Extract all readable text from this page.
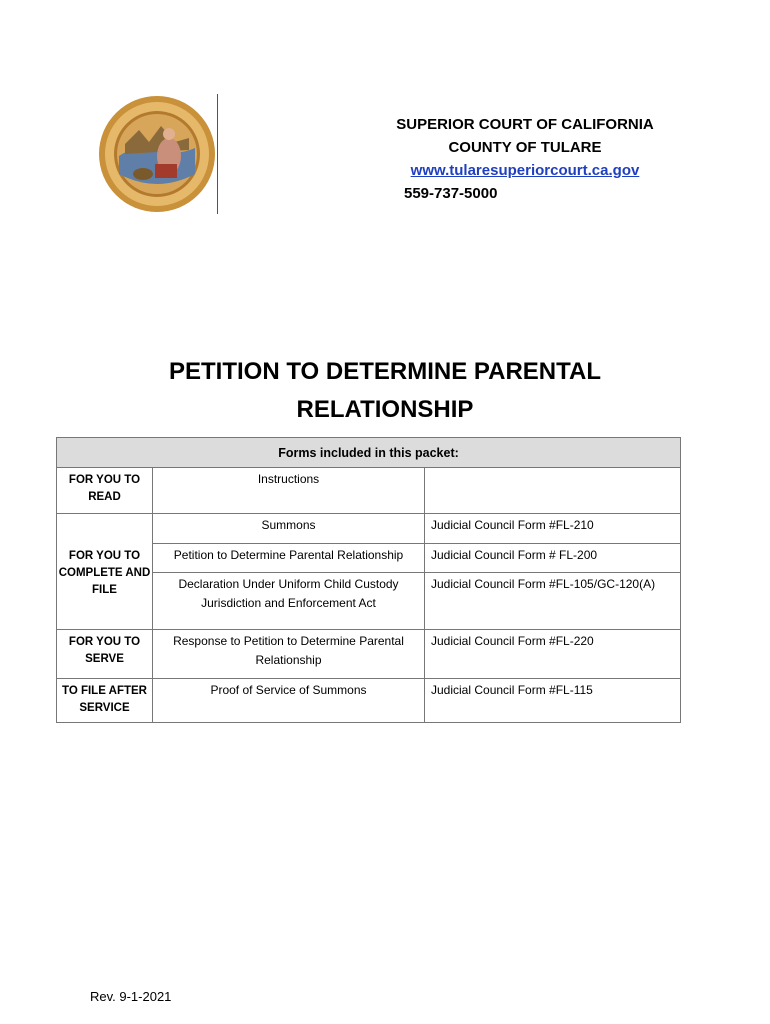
SUPERIOR COURT OF CALIFORNIA
COUNTY OF TULARE
www.tularesuperiorcourt.ca.gov
559-737-5000
PETITION TO DETERMINE PARENTAL
RELATIONSHIP
Forms included in this packet:		
FOR YOU TO READ	Instructions	
FOR YOU TO COMPLETE AND FILE	Summons	Judicial Council Form #FL-210
	Petition to Determine Parental Relationship	Judicial Council Form # FL-200
	Declaration Under Uniform Child Custody Jurisdiction and Enforcement Act	Judicial Council Form #FL-105/GC-120(A)
FOR YOU TO SERVE	Response to Petition to Determine Parental Relationship	Judicial Council Form #FL-220
TO FILE AFTER SERVICE	Proof of Service of Summons	Judicial Council Form #FL-115
Rev. 9-1-2021
